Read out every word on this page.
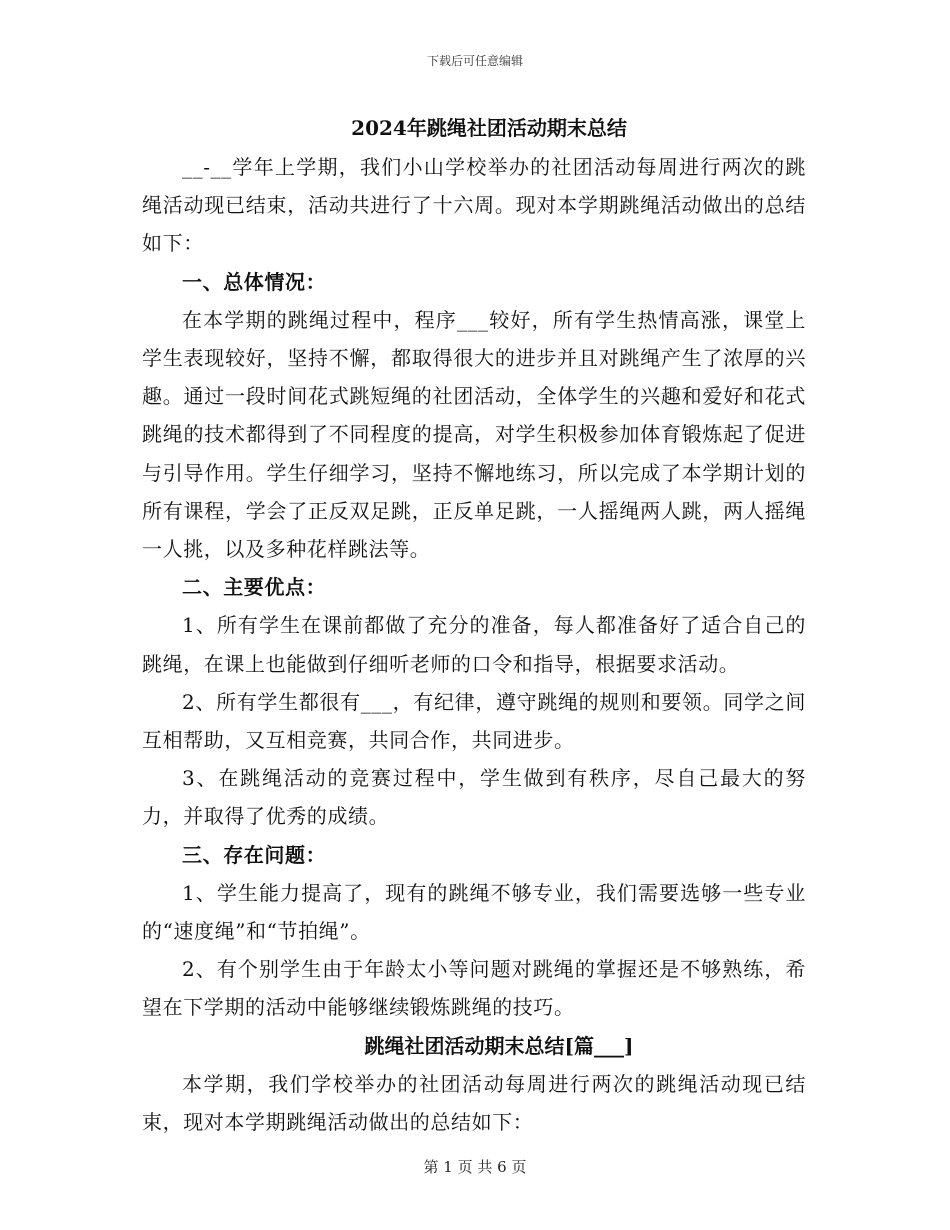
下载后可任意编辑
2024年跳绳社团活动期末总结

__-__学年上学期，我们小山学校举办的社团活动每周进行两次的跳绳活动现已结束，活动共进行了十六周。现对本学期跳绳活动做出的总结如下：

一、总体情况：

在本学期的跳绳过程中，程序___较好，所有学生热情高涨，课堂上学生表现较好，坚持不懈，都取得很大的进步并且对跳绳产生了浓厚的兴趣。通过一段时间花式跳短绳的社团活动，全体学生的兴趣和爱好和花式跳绳的技术都得到了不同程度的提高，对学生积极参加体育锻炼起了促进与引导作用。学生仔细学习，坚持不懈地练习，所以完成了本学期计划的所有课程，学会了正反双足跳，正反单足跳，一人摇绳两人跳，两人摇绳一人挑，以及多种花样跳法等。

二、主要优点：

1、所有学生在课前都做了充分的准备，每人都准备好了适合自己的跳绳，在课上也能做到仔细听老师的口令和指导，根据要求活动。

2、所有学生都很有___，有纪律，遵守跳绳的规则和要领。同学之间互相帮助，又互相竞赛，共同合作，共同进步。

3、在跳绳活动的竞赛过程中，学生做到有秩序，尽自己最大的努力，并取得了优秀的成绩。

三、存在问题：

1、学生能力提高了，现有的跳绳不够专业，我们需要选够一些专业的“速度绳”和“节拍绳”。

2、有个别学生由于年龄太小等问题对跳绳的掌握还是不够熟练，希望在下学期的活动中能够继续锻炼跳绳的技巧。

跳绳社团活动期末总结[篇___]

本学期，我们学校举办的社团活动每周进行两次的跳绳活动现已结束，现对本学期跳绳活动做出的总结如下：

第 1 页 共 6 页
